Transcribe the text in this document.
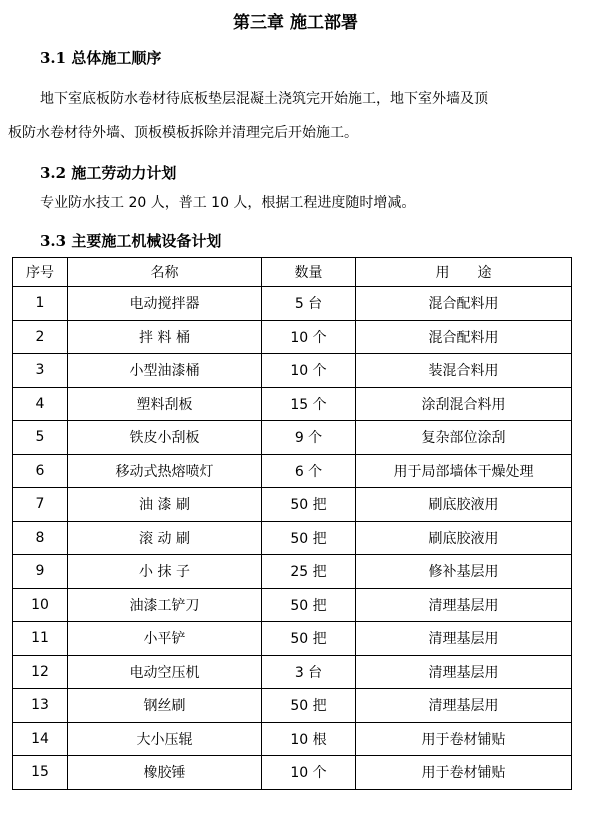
第三章 施工部署
3.1 总体施工顺序
地下室底板防水卷材待底板垫层混凝土浇筑完开始施工，地下室外墙及顶
板防水卷材待外墙、顶板模板拆除并清理完后开始施工。
3.2 施工劳动力计划
专业防水技工 20 人，普工 10 人，根据工程进度随时增减。
3.3 主要施工机械设备计划
序号	名称	数量	用　　途
1	电动搅拌器	5 台	混合配料用
2	拌 料 桶	10 个	混合配料用
3	小型油漆桶	10 个	装混合料用
4	塑料刮板	15 个	涂刮混合料用
5	铁皮小刮板	9 个	复杂部位涂刮
6	移动式热熔喷灯	6 个	用于局部墙体干燥处理
7	油 漆 刷	50 把	刷底胶液用
8	滚 动 刷	50 把	刷底胶液用
9	小 抹 子	25 把	修补基层用
10	油漆工铲刀	50 把	清理基层用
11	小平铲	50 把	清理基层用
12	电动空压机	3 台	清理基层用
13	钢丝刷	50 把	清理基层用
14	大小压辊	10 根	用于卷材铺贴
15	橡胶锤	10 个	用于卷材铺贴
